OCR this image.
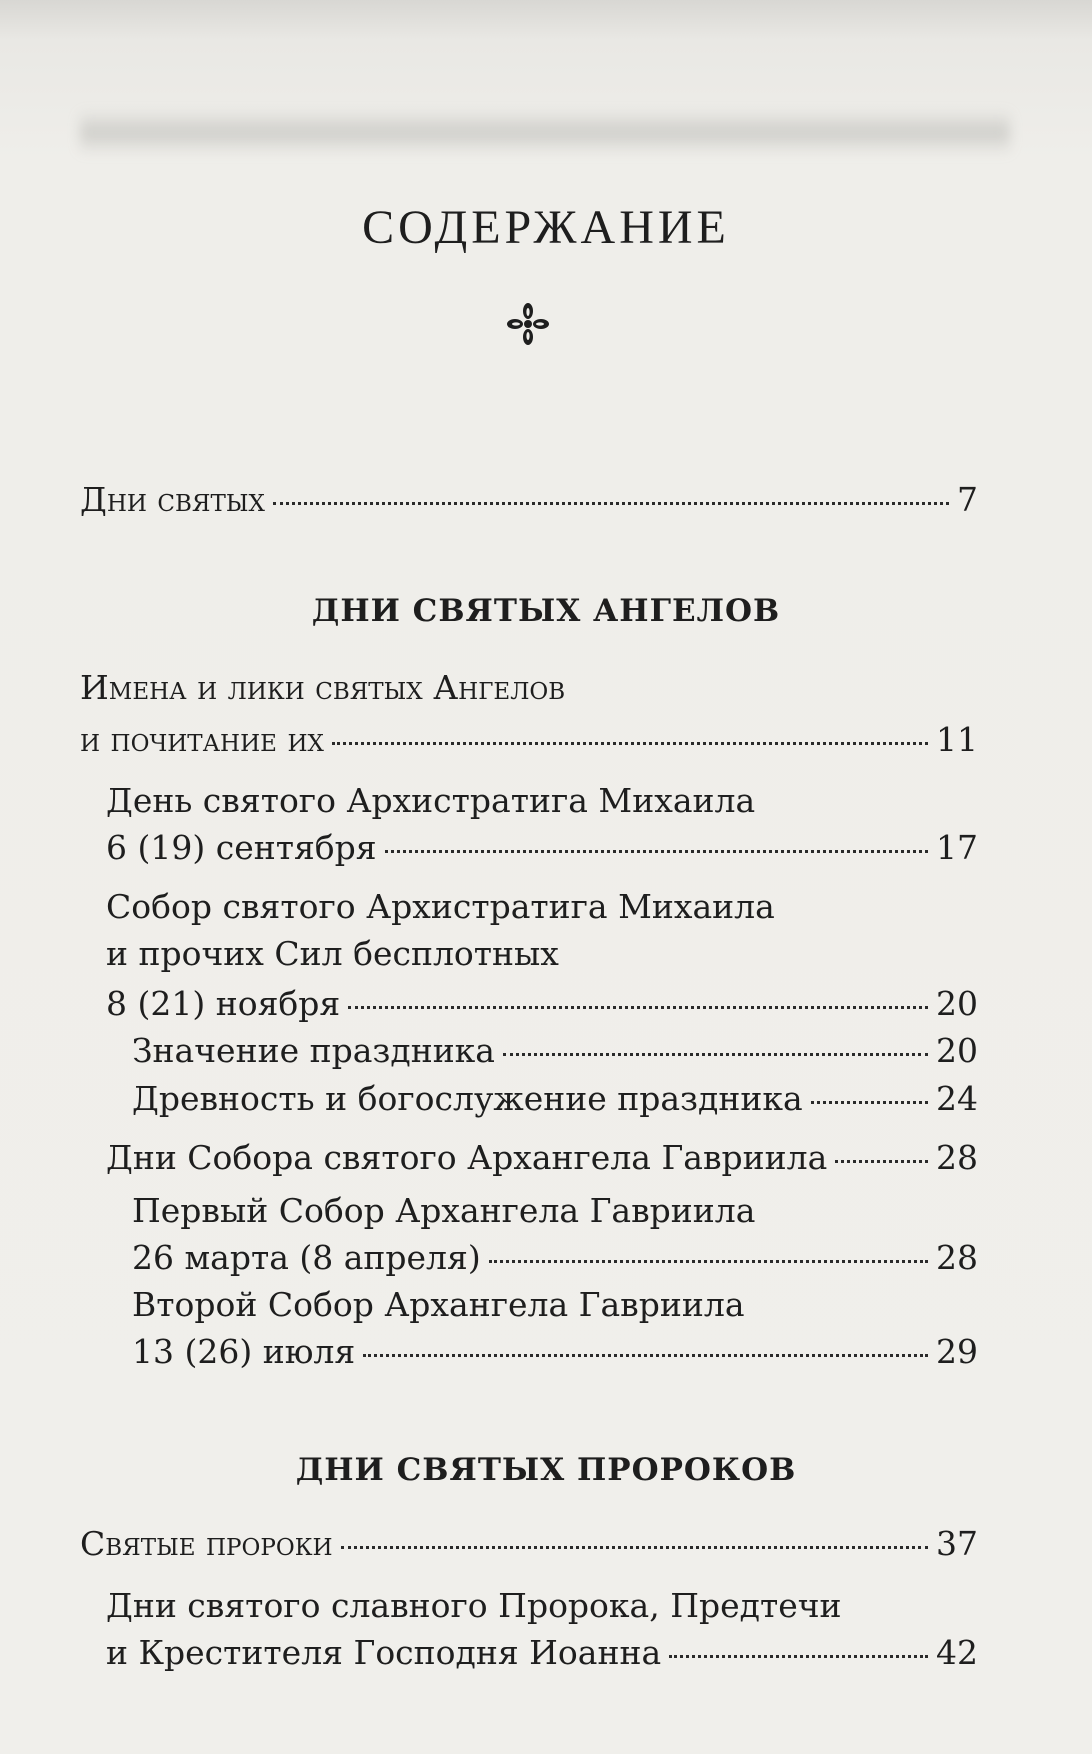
СОДЕРЖАНИЕ
Дни святых	7
ДНИ СВЯТЫХ АНГЕЛОВ
Имена и лики святых Ангелов
и почитание их	11
День святого Архистратига Михаила
6 (19) сентября	17
Собор святого Архистратига Михаила
и прочих Сил бесплотных
8 (21) ноября	20
Значение праздника	20
Древность и богослужение праздника	24
Дни Собора святого Архангела Гавриила	28
Первый Собор Архангела Гавриила
26 марта (8 апреля)	28
Второй Собор Архангела Гавриила
13 (26) июля	29
ДНИ СВЯТЫХ ПРОРОКОВ
Святые пророки	37
Дни святого славного Пророка, Предтечи
и Крестителя Господня Иоанна	42
